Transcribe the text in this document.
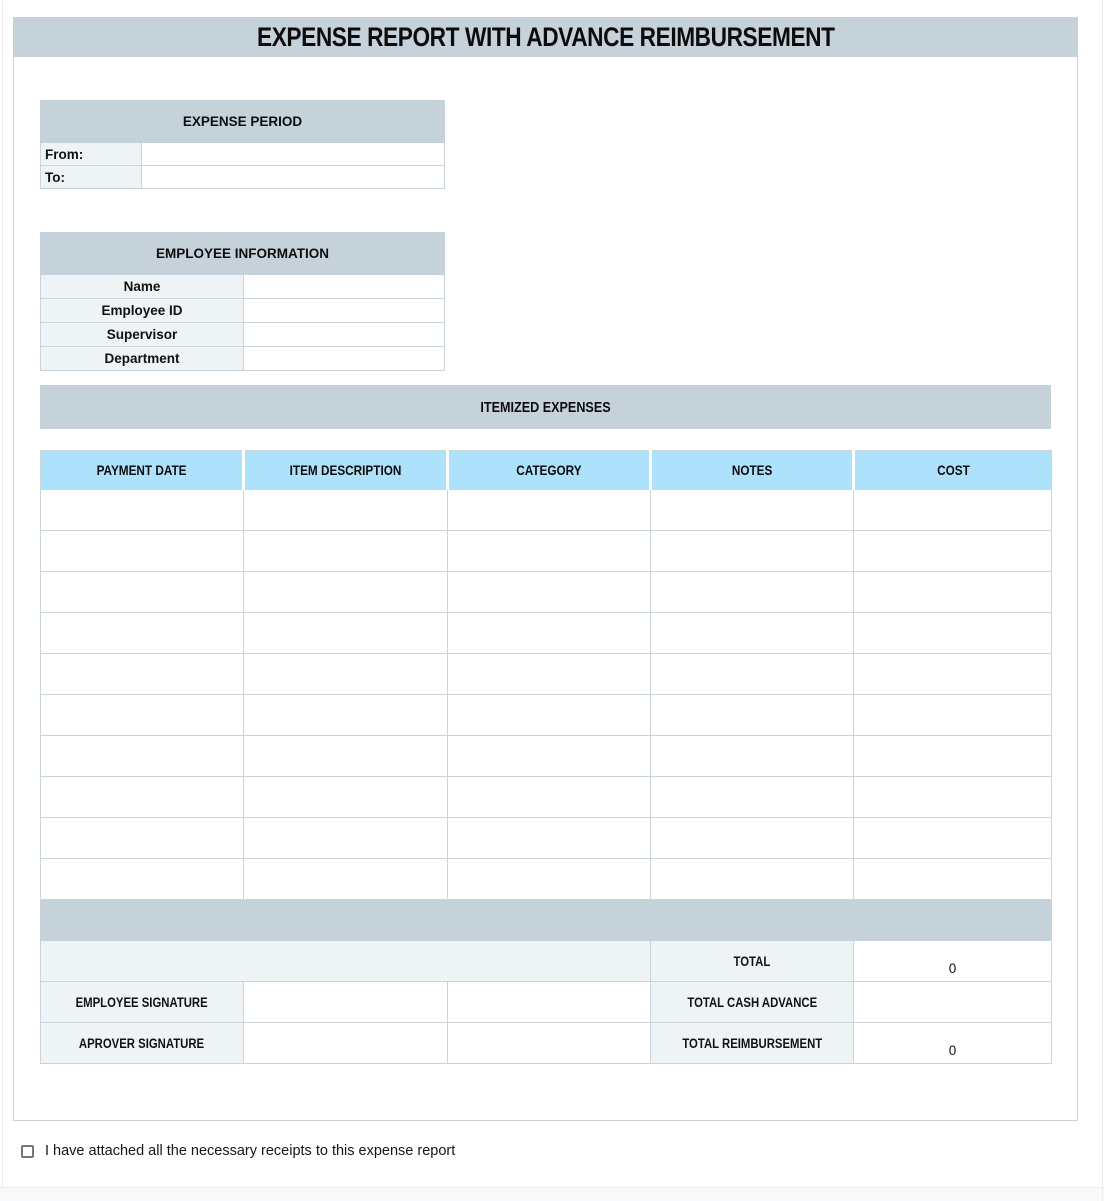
EXPENSE REPORT WITH ADVANCE REIMBURSEMENT
EXPENSE PERIOD	
From:	
To:	
EMPLOYEE INFORMATION	
Name	
Employee ID	
Supervisor	
Department	
ITEMIZED EXPENSES
PAYMENT DATE	ITEM DESCRIPTION	CATEGORY	NOTES	COST

			TOTAL	0
EMPLOYEE SIGNATURE			TOTAL CASH ADVANCE	
APROVER SIGNATURE			TOTAL REIMBURSEMENT	0
I have attached all the necessary receipts to this expense report
